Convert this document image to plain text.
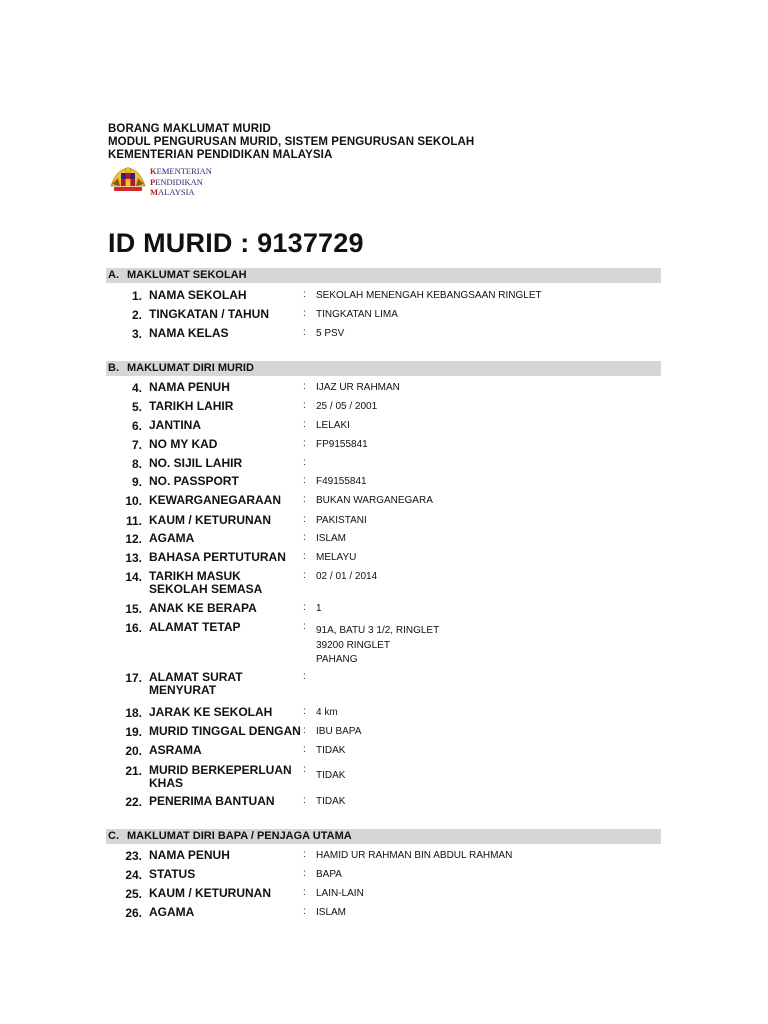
BORANG MAKLUMAT MURID
MODUL PENGURUSAN MURID, SISTEM PENGURUSAN SEKOLAH
KEMENTERIAN PENDIDIKAN MALAYSIA
KEMENTERIAN
PENDIDIKAN
MALAYSIA
ID MURID : 9137729
A. MAKLUMAT SEKOLAH
1. NAMA SEKOLAH	: SEKOLAH MENENGAH KEBANGSAAN RINGLET
2. TINGKATAN / TAHUN	: TINGKATAN LIMA
3. NAMA KELAS	: 5 PSV
B. MAKLUMAT DIRI MURID
4. NAMA PENUH	: IJAZ UR RAHMAN
5. TARIKH LAHIR	: 25 / 05 / 2001
6. JANTINA	: LELAKI
7. NO MY KAD	: FP9155841
8. NO. SIJIL LAHIR	:
9. NO. PASSPORT	: F49155841
10. KEWARGANEGARAAN	: BUKAN WARGANEGARA
11. KAUM / KETURUNAN	: PAKISTANI
12. AGAMA	: ISLAM
13. BAHASA PERTUTURAN	: MELAYU
14. TARIKH MASUK
SEKOLAH SEMASA
: 02 / 01 / 2014
15. ANAK KE BERAPA	: 1
16. ALAMAT TETAP	: 91A, BATU 3 1/2, RINGLET
39200 RINGLET
PAHANG
17. ALAMAT SURAT
MENYURAT
:
18. JARAK KE SEKOLAH	: 4 km
19. MURID TINGGAL DENGAN : IBU BAPA
20. ASRAMA	: TIDAK
21. MURID BERKEPERLUAN
KHAS
:
TIDAK
22. PENERIMA BANTUAN	: TIDAK
C. MAKLUMAT DIRI BAPA / PENJAGA UTAMA
23. NAMA PENUH	: HAMID UR RAHMAN BIN ABDUL RAHMAN
24. STATUS	: BAPA
25. KAUM / KETURUNAN	: LAIN-LAIN
26. AGAMA	: ISLAM
